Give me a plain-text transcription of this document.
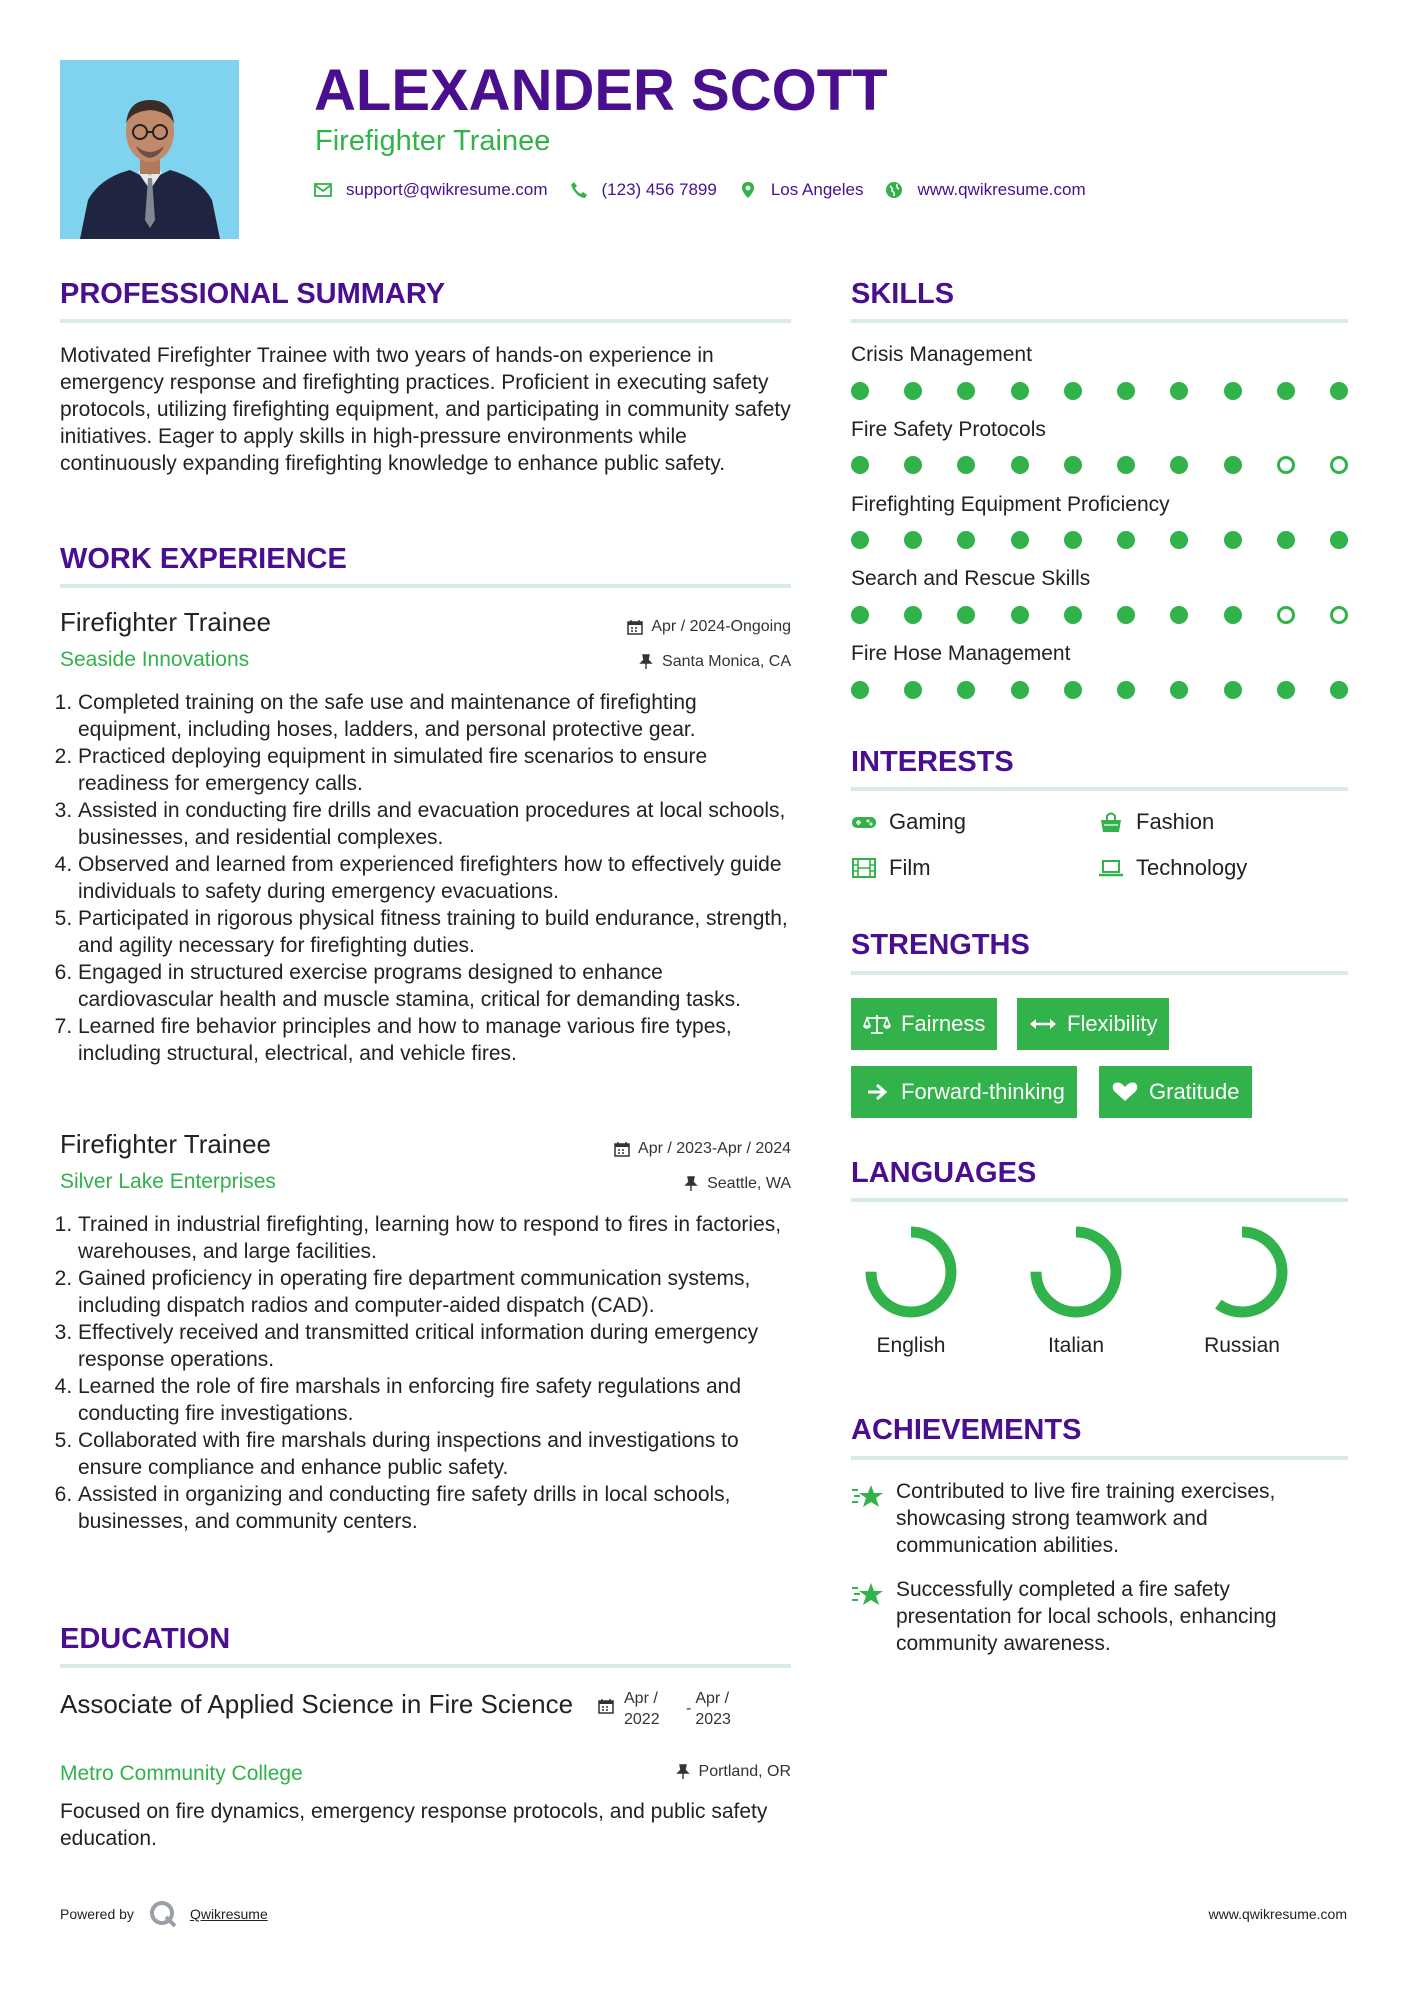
ALEXANDER SCOTT
Firefighter Trainee
support@qwikresume.com	(123) 456 7899	Los Angeles	www.qwikresume.com
PROFESSIONAL SUMMARY
Motivated Firefighter Trainee with two years of hands-on experience in emergency response and firefighting practices. Proficient in executing safety protocols, utilizing firefighting equipment, and participating in community safety initiatives. Eager to apply skills in high-pressure environments while continuously expanding firefighting knowledge to enhance public safety.
WORK EXPERIENCE
Firefighter Trainee	Apr / 2024-Ongoing
Seaside Innovations	Santa Monica, CA
1. Completed training on the safe use and maintenance of firefighting equipment, including hoses, ladders, and personal protective gear.
2. Practiced deploying equipment in simulated fire scenarios to ensure readiness for emergency calls.
3. Assisted in conducting fire drills and evacuation procedures at local schools, businesses, and residential complexes.
4. Observed and learned from experienced firefighters how to effectively guide individuals to safety during emergency evacuations.
5. Participated in rigorous physical fitness training to build endurance, strength, and agility necessary for firefighting duties.
6. Engaged in structured exercise programs designed to enhance cardiovascular health and muscle stamina, critical for demanding tasks.
7. Learned fire behavior principles and how to manage various fire types, including structural, electrical, and vehicle fires.
Firefighter Trainee	Apr / 2023-Apr / 2024
Silver Lake Enterprises	Seattle, WA
1. Trained in industrial firefighting, learning how to respond to fires in factories, warehouses, and large facilities.
2. Gained proficiency in operating fire department communication systems, including dispatch radios and computer-aided dispatch (CAD).
3. Effectively received and transmitted critical information during emergency response operations.
4. Learned the role of fire marshals in enforcing fire safety regulations and conducting fire investigations.
5. Collaborated with fire marshals during inspections and investigations to ensure compliance and enhance public safety.
6. Assisted in organizing and conducting fire safety drills in local schools, businesses, and community centers.
EDUCATION
Associate of Applied Science in Fire Science	Apr / 2022
-
Apr / 2023
Metro Community College	Portland, OR
Focused on fire dynamics, emergency response protocols, and public safety education.
SKILLS
Crisis Management
Fire Safety Protocols
Firefighting Equipment Proficiency
Search and Rescue Skills
Fire Hose Management
INTERESTS
Gaming	Fashion
Film	Technology
STRENGTHS
Fairness	Flexibility
Forward-thinking	Gratitude
LANGUAGES
English	Italian	Russian
ACHIEVEMENTS
Contributed to live fire training exercises, showcasing strong teamwork and communication abilities.
Successfully completed a fire safety presentation for local schools, enhancing community awareness.
Powered by	Qwikresume	www.qwikresume.com
